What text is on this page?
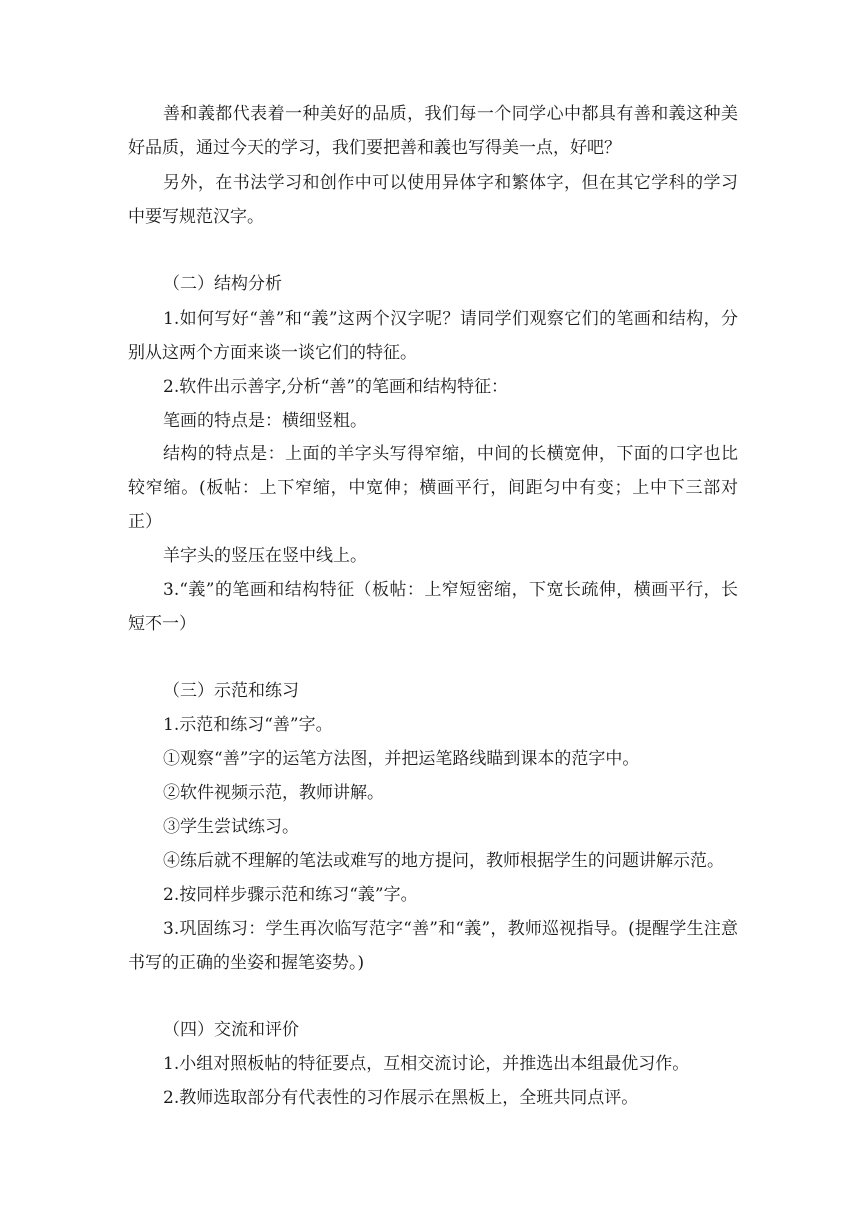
善和義都代表着一种美好的品质，我们每一个同学心中都具有善和義这种美好品质，通过今天的学习，我们要把善和義也写得美一点，好吧？

另外，在书法学习和创作中可以使用异体字和繁体字，但在其它学科的学习中要写规范汉字。

（二）结构分析

1.如何写好“善”和“義”这两个汉字呢？请同学们观察它们的笔画和结构，分别从这两个方面来谈一谈它们的特征。

2.软件出示善字,分析“善”的笔画和结构特征：

笔画的特点是：横细竖粗。

结构的特点是：上面的羊字头写得窄缩，中间的长横宽伸，下面的口字也比较窄缩。(板帖：上下窄缩，中宽伸；横画平行，间距匀中有变；上中下三部对正）

羊字头的竖压在竖中线上。

3.“義”的笔画和结构特征（板帖：上窄短密缩，下宽长疏伸，横画平行，长短不一）

（三）示范和练习

1.示范和练习“善”字。

①观察“善”字的运笔方法图，并把运笔路线瞄到课本的范字中。

②软件视频示范，教师讲解。

③学生尝试练习。

④练后就不理解的笔法或难写的地方提问，教师根据学生的问题讲解示范。

2.按同样步骤示范和练习“義”字。

3.巩固练习：学生再次临写范字“善”和“義”，教师巡视指导。(提醒学生注意书写的正确的坐姿和握笔姿势。)

（四）交流和评价

1.小组对照板帖的特征要点，互相交流讨论，并推选出本组最优习作。

2.教师选取部分有代表性的习作展示在黑板上，全班共同点评。
